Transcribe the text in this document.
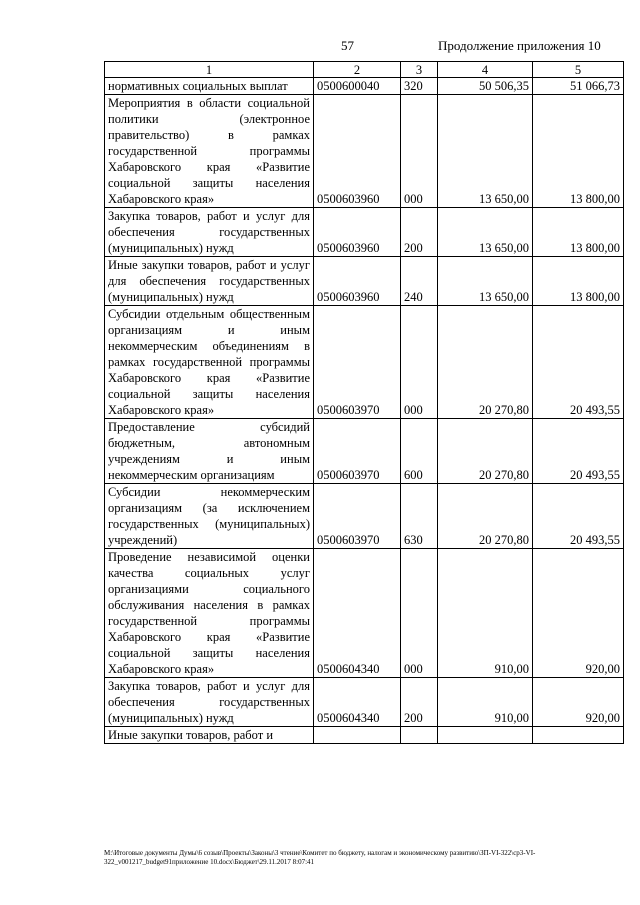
57	Продолжение приложения 10
1	2	3	4	5
нормативных социальных выплат	0500600040	320	50 506,35	51 066,73
Мероприятия в области социальной политики (электронное правительство) в рамках государственной программы Хабаровского края «Развитие социальной защиты населения Хабаровского края»	0500603960	000	13 650,00	13 800,00
Закупка товаров, работ и услуг для обеспечения государственных (муниципальных) нужд	0500603960	200	13 650,00	13 800,00
Иные закупки товаров, работ и услуг для обеспечения государственных (муниципальных) нужд	0500603960	240	13 650,00	13 800,00
Субсидии отдельным общественным организациям и иным некоммерческим объединениям в рамках государственной программы Хабаровского края «Развитие социальной защиты населения Хабаровского края»	0500603970	000	20 270,80	20 493,55
Предоставление субсидий бюджетным, автономным учреждениям и иным некоммерческим организациям	0500603970	600	20 270,80	20 493,55
Субсидии некоммерческим организациям (за исключением государственных (муниципальных) учреждений)	0500603970	630	20 270,80	20 493,55
Проведение независимой оценки качества социальных услуг организациями социального обслуживания населения в рамках государственной программы Хабаровского края «Развитие социальной защиты населения Хабаровского края»	0500604340	000	910,00	920,00
Закупка товаров, работ и услуг для обеспечения государственных (муниципальных) нужд	0500604340	200	910,00	920,00
Иные закупки товаров, работ и				
M:\Итоговые документы Думы\6 созыв\Проекты\Законы\3 чтение\Комитет по бюджету, налогам и экономическому развитию\ЗП-VI-322\ср3-VI-322_v001217_budget91приложение 10.docx\Бюджет\29.11.2017 8:07:41
